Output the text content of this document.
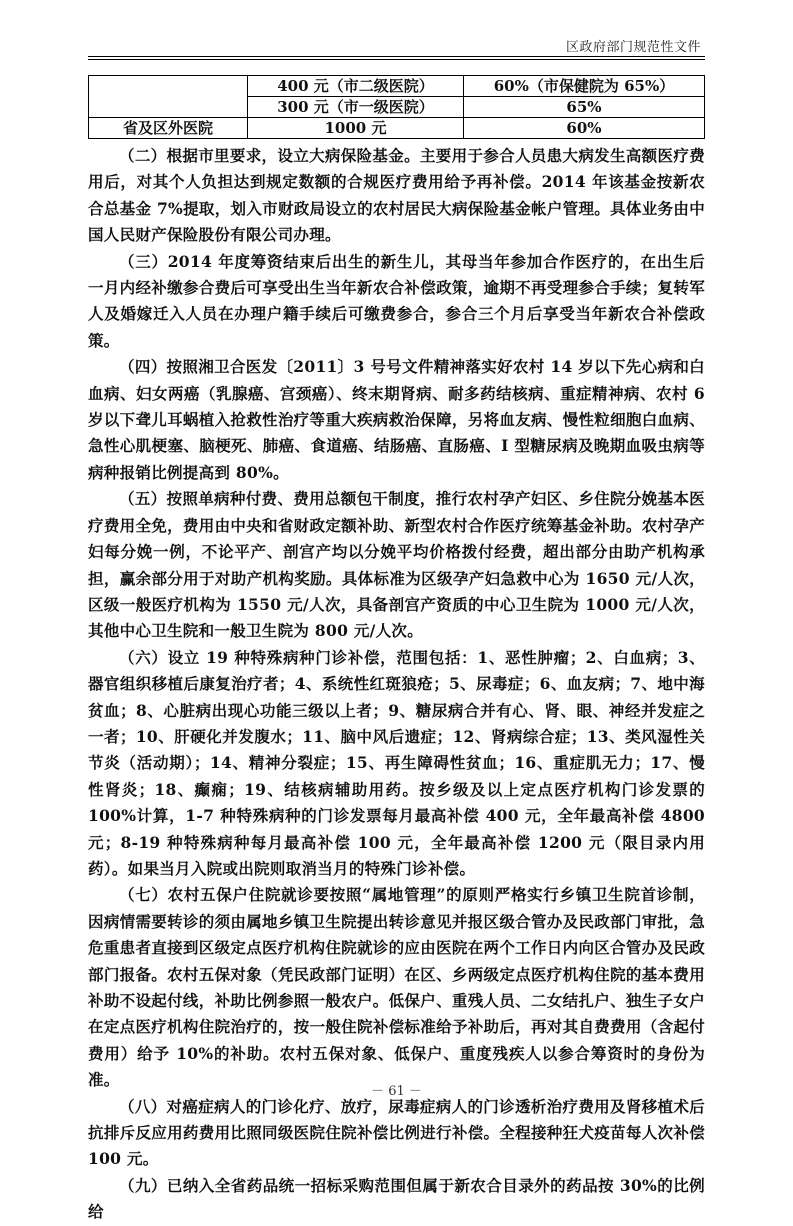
区政府部门规范性文件
	400 元（市二级医院）	60%（市保健院为 65%）
	300 元（市一级医院）	65%
省及区外医院	1000 元	60%

（二）根据市里要求，设立大病保险基金。主要用于参合人员患大病发生高额医疗费用后，对其个人负担达到规定数额的合规医疗费用给予再补偿。2014 年该基金按新农合总基金 7%提取，划入市财政局设立的农村居民大病保险基金帐户管理。具体业务由中国人民财产保险股份有限公司办理。

（三）2014 年度筹资结束后出生的新生儿，其母当年参加合作医疗的，在出生后一月内经补缴参合费后可享受出生当年新农合补偿政策，逾期不再受理参合手续；复转军人及婚嫁迁入人员在办理户籍手续后可缴费参合，参合三个月后享受当年新农合补偿政策。

（四）按照湘卫合医发〔2011〕3 号号文件精神落实好农村 14 岁以下先心病和白血病、妇女两癌（乳腺癌、宫颈癌）、终末期肾病、耐多药结核病、重症精神病、农村 6 岁以下聋儿耳蜗植入抢救性治疗等重大疾病救治保障，另将血友病、慢性粒细胞白血病、急性心肌梗塞、脑梗死、肺癌、食道癌、结肠癌、直肠癌、I 型糖尿病及晚期血吸虫病等病种报销比例提高到 80%。

（五）按照单病种付费、费用总额包干制度，推行农村孕产妇区、乡住院分娩基本医疗费用全免，费用由中央和省财政定额补助、新型农村合作医疗统筹基金补助。农村孕产妇每分娩一例，不论平产、剖宫产均以分娩平均价格拨付经费，超出部分由助产机构承担，赢余部分用于对助产机构奖励。具体标准为区级孕产妇急救中心为 1650 元/人次，区级一般医疗机构为 1550 元/人次，具备剖宫产资质的中心卫生院为 1000 元/人次，其他中心卫生院和一般卫生院为 800 元/人次。

（六）设立 19 种特殊病种门诊补偿，范围包括：1、恶性肿瘤；2、白血病；3、器官组织移植后康复治疗者；4、系统性红斑狼疮；5、尿毒症；6、血友病；7、地中海贫血；8、心脏病出现心功能三级以上者；9、糖尿病合并有心、肾、眼、神经并发症之一者；10、肝硬化并发腹水；11、脑中风后遗症；12、肾病综合症；13、类风湿性关节炎（活动期）；14、精神分裂症；15、再生障碍性贫血；16、重症肌无力；17、慢性肾炎；18、癫痫；19、结核病辅助用药。按乡级及以上定点医疗机构门诊发票的 100%计算，1-7 种特殊病种的门诊发票每月最高补偿 400 元，全年最高补偿 4800 元；8-19 种特殊病种每月最高补偿 100 元，全年最高补偿 1200 元（限目录内用药）。如果当月入院或出院则取消当月的特殊门诊补偿。

（七）农村五保户住院就诊要按照“属地管理”的原则严格实行乡镇卫生院首诊制，因病情需要转诊的须由属地乡镇卫生院提出转诊意见并报区级合管办及民政部门审批，急危重患者直接到区级定点医疗机构住院就诊的应由医院在两个工作日内向区合管办及民政部门报备。农村五保对象（凭民政部门证明）在区、乡两级定点医疗机构住院的基本费用补助不设起付线，补助比例参照一般农户。低保户、重残人员、二女结扎户、独生子女户在定点医疗机构住院治疗的，按一般住院补偿标准给予补助后，再对其自费费用（含起付费用）给予 10%的补助。农村五保对象、低保户、重度残疾人以参合筹资时的身份为准。

（八）对癌症病人的门诊化疗、放疗，尿毒症病人的门诊透析治疗费用及肾移植术后抗排斥反应用药费用比照同级医院住院补偿比例进行补偿。全程接种狂犬疫苗每人次补偿 100 元。

（九）已纳入全省药品统一招标采购范围但属于新农合目录外的药品按 30%的比例给

－ 61 －
